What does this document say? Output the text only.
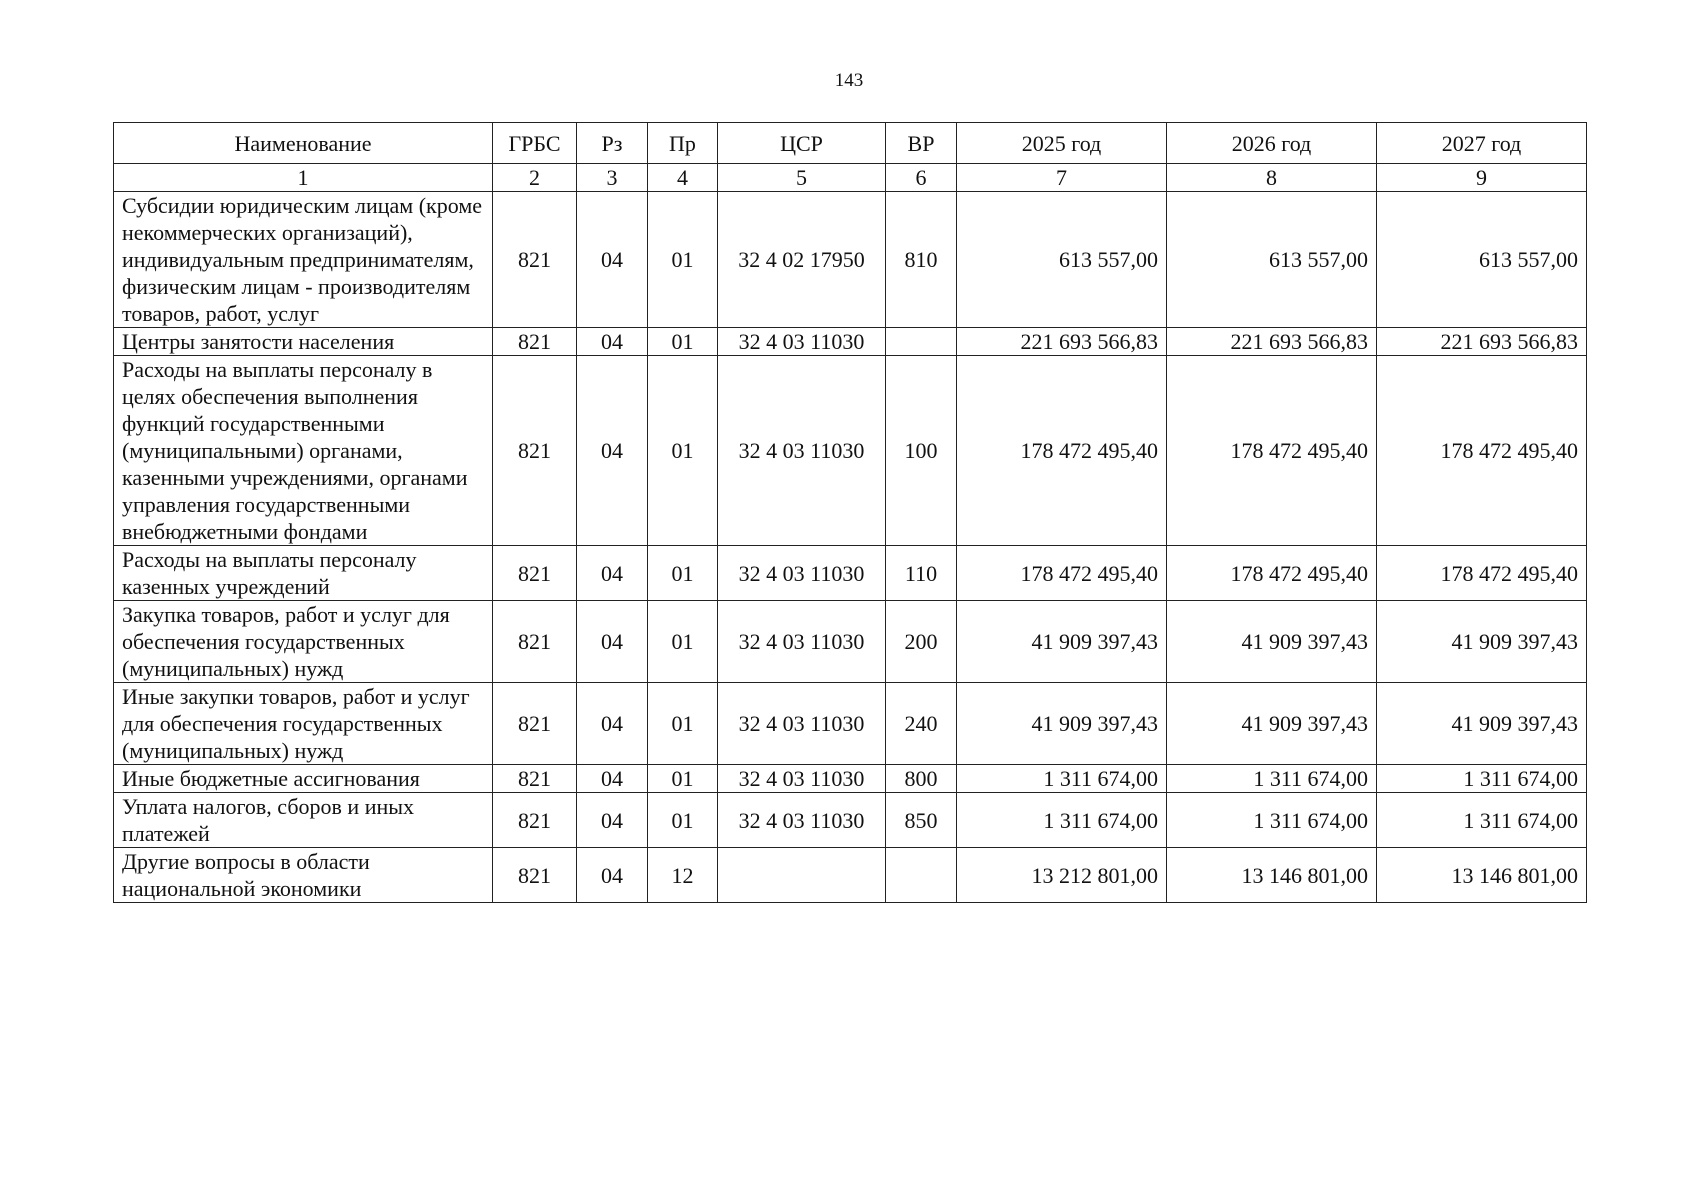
143
Наименование	ГРБС	Рз	Пр	ЦСР	ВР	2025 год	2026 год	2027 год
1	2	3	4	5	6	7	8	9
Субсидии юридическим лицам (кроме некоммерческих организаций), индивидуальным предпринимателям, физическим лицам - производителям товаров, работ, услуг	821	04	01	32 4 02 17950	810	613 557,00	613 557,00	613 557,00
Центры занятости населения	821	04	01	32 4 03 11030		221 693 566,83	221 693 566,83	221 693 566,83
Расходы на выплаты персоналу в целях обеспечения выполнения функций государственными (муниципальными) органами, казенными учреждениями, органами управления государственными внебюджетными фондами	821	04	01	32 4 03 11030	100	178 472 495,40	178 472 495,40	178 472 495,40
Расходы на выплаты персоналу казенных учреждений	821	04	01	32 4 03 11030	110	178 472 495,40	178 472 495,40	178 472 495,40
Закупка товаров, работ и услуг для обеспечения государственных (муниципальных) нужд	821	04	01	32 4 03 11030	200	41 909 397,43	41 909 397,43	41 909 397,43
Иные закупки товаров, работ и услуг для обеспечения государственных (муниципальных) нужд	821	04	01	32 4 03 11030	240	41 909 397,43	41 909 397,43	41 909 397,43
Иные бюджетные ассигнования	821	04	01	32 4 03 11030	800	1 311 674,00	1 311 674,00	1 311 674,00
Уплата налогов, сборов и иных платежей	821	04	01	32 4 03 11030	850	1 311 674,00	1 311 674,00	1 311 674,00
Другие вопросы в области национальной экономики	821	04	12			13 212 801,00	13 146 801,00	13 146 801,00
